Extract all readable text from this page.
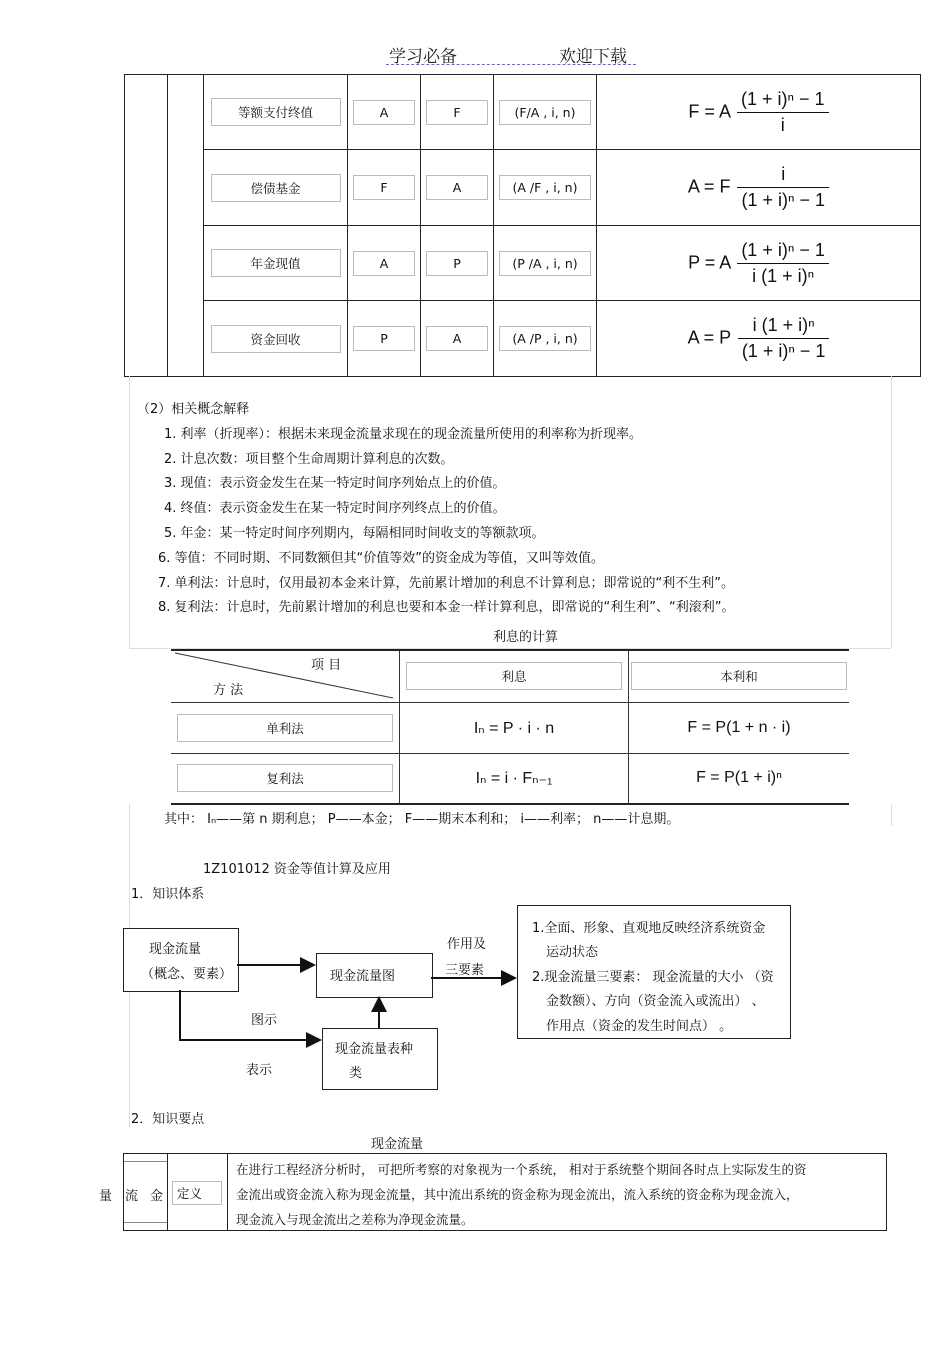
学习必备	欢迎下载

		等额支付终值	A	F	(F/A , i, n)	F = A $\frac{\text{(1 + i)ⁿ − 1}}{i}$

		偿债基金	F	A	(A /F , i, n)	A = F $\frac{i}{\text{(1 + i)ⁿ − 1}}$

		年金现值	A	P	(P /A , i, n)	P = A $\frac{\text{(1 + i)ⁿ − 1}}{\text{i (1 + i)ⁿ}}$

		资金回收	P	A	(A /P , i, n)	A = P $\frac{\text{i (1 + i)ⁿ}}{\text{(1 + i)ⁿ − 1}}$
（2）相关概念解释
1. 利率（折现率）：根据未来现金流量求现在的现金流量所使用的利率称为折现率。
2. 计息次数：项目整个生命周期计算利息的次数。
3. 现值：表示资金发生在某一特定时间序列始点上的价值。
4. 终值：表示资金发生在某一特定时间序列终点上的价值。
5. 年金：某一特定时间序列期内，每隔相同时间收支的等额款项。
6. 等值：不同时期、不同数额但其“价值等效”的资金成为等值，又叫等效值。
7. 单利法：计息时，仅用最初本金来计算，先前累计增加的利息不计算利息；即常说的“利不生利”。
8. 复利法：计息时，先前累计增加的利息也要和本金一样计算利息，即常说的“利生利”、“利滚利”。
利息的计算
项 目
方 法	利息	本利和

单利法	Iₙ = P · i · n	F = P(1 + n · i)

复利法	Iₙ = i · Fₙ₋₁	F = P(1 + i)ⁿ
其中： Iₙ——第 n 期利息； P——本金； F——期末本利和； i——利率； n——计息期。
1Z101012 资金等值计算及应用
1．知识体系
现金流量
（概念、要素）	现金流量图
现金流量表种
类
1.全面、形象、直观地反映经济系统资金
运动状态
2.现金流量三要素： 现金流量的大小 （资
金数额）、方向（资金流入或流出） 、
作用点（资金的发生时间点） 。
作用及
三要素
图示
表示
2．知识要点
现金流量
定义
在进行工程经济分析时， 可把所考察的对象视为一个系统， 相对于系统整个期间各时点上实际发生的资
金流出或资金流入称为现金流量，其中流出系统的资金称为现金流出，流入系统的资金称为现金流入，
现金流入与现金流出之差称为净现金流量。
量 流 金
